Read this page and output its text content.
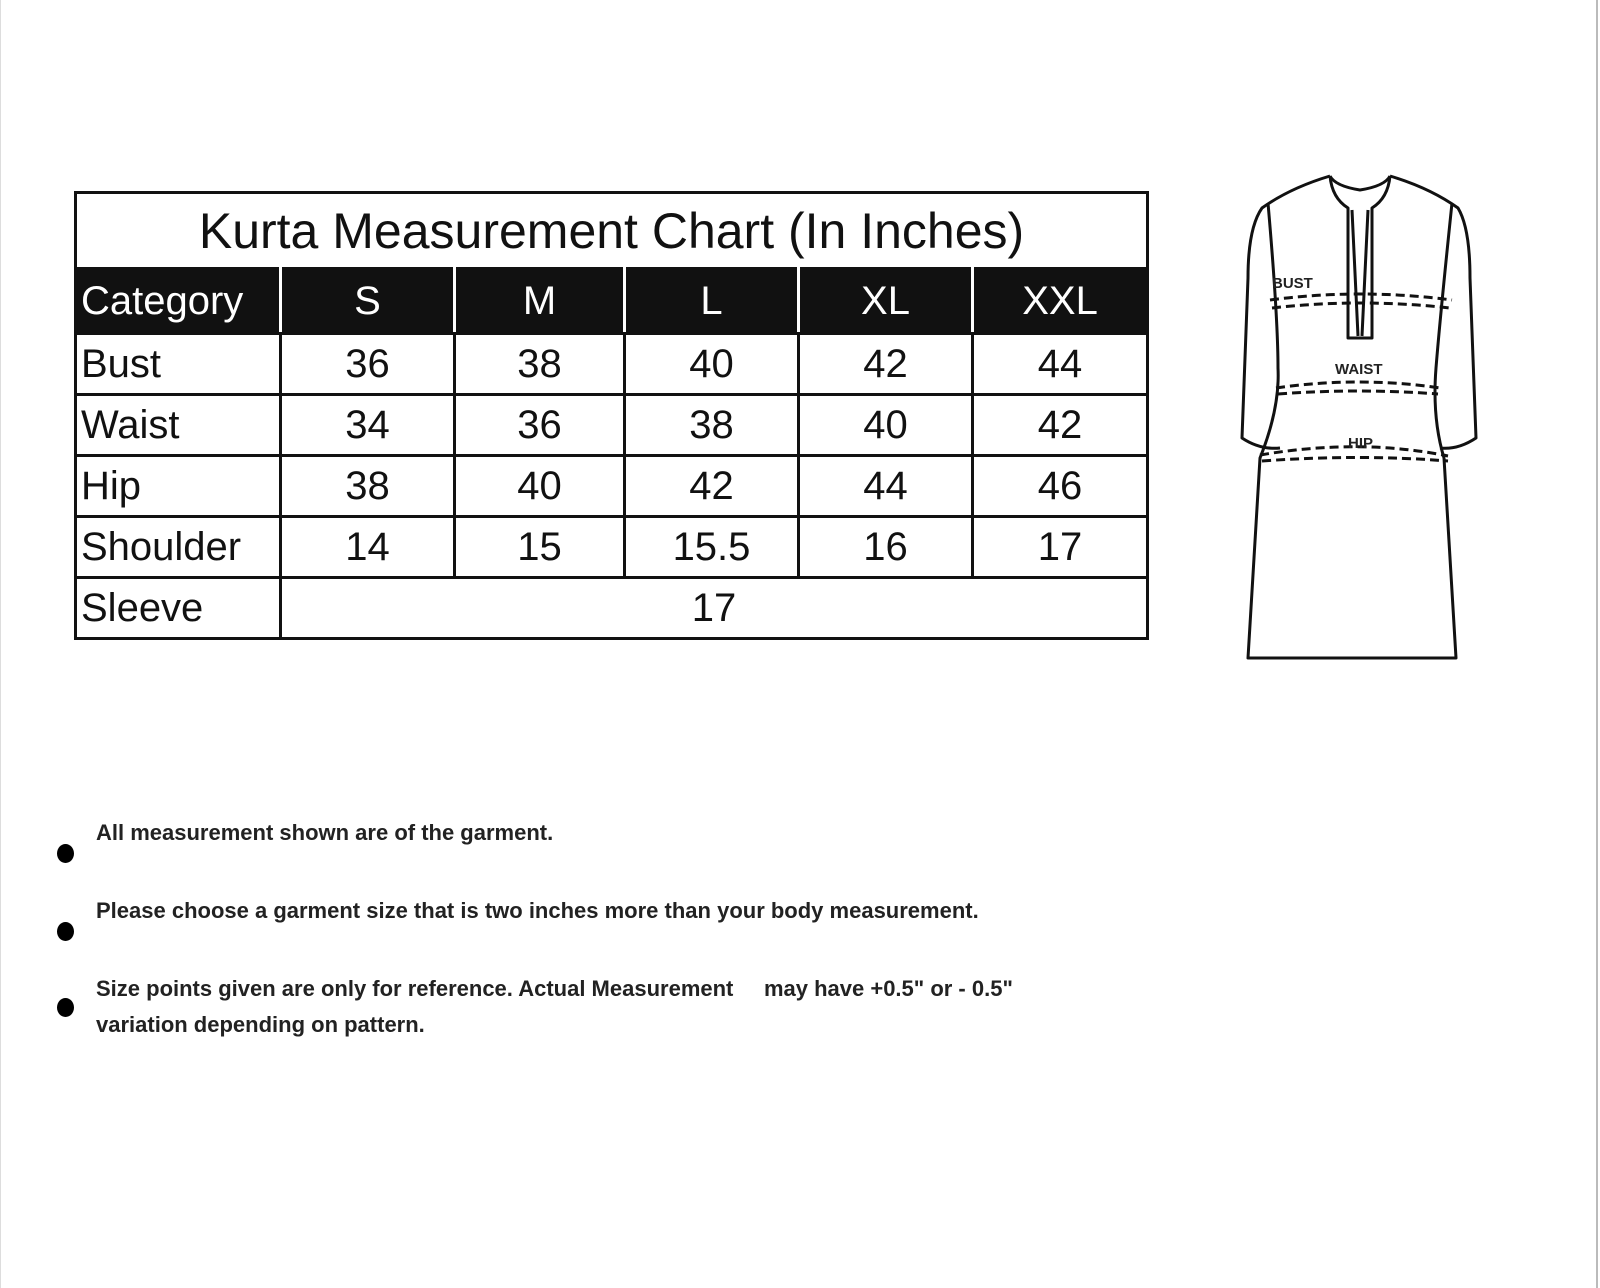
Kurta Measurement Chart (In Inches)					
Category	S	M	L	XL	XXL
Bust	36	38	40	42	44
Waist	34	36	38	40	42
Hip	38	40	42	44	46
Shoulder	14	15	15.5	16	17
Sleeve	17				
BUST
WAIST
HIP
All measurement shown are of the garment.
Please choose a garment size that is two inches more than your body measurement.
Size points given are only for reference. Actual Measurement     may have +0.5" or - 0.5" variation depending on pattern.
